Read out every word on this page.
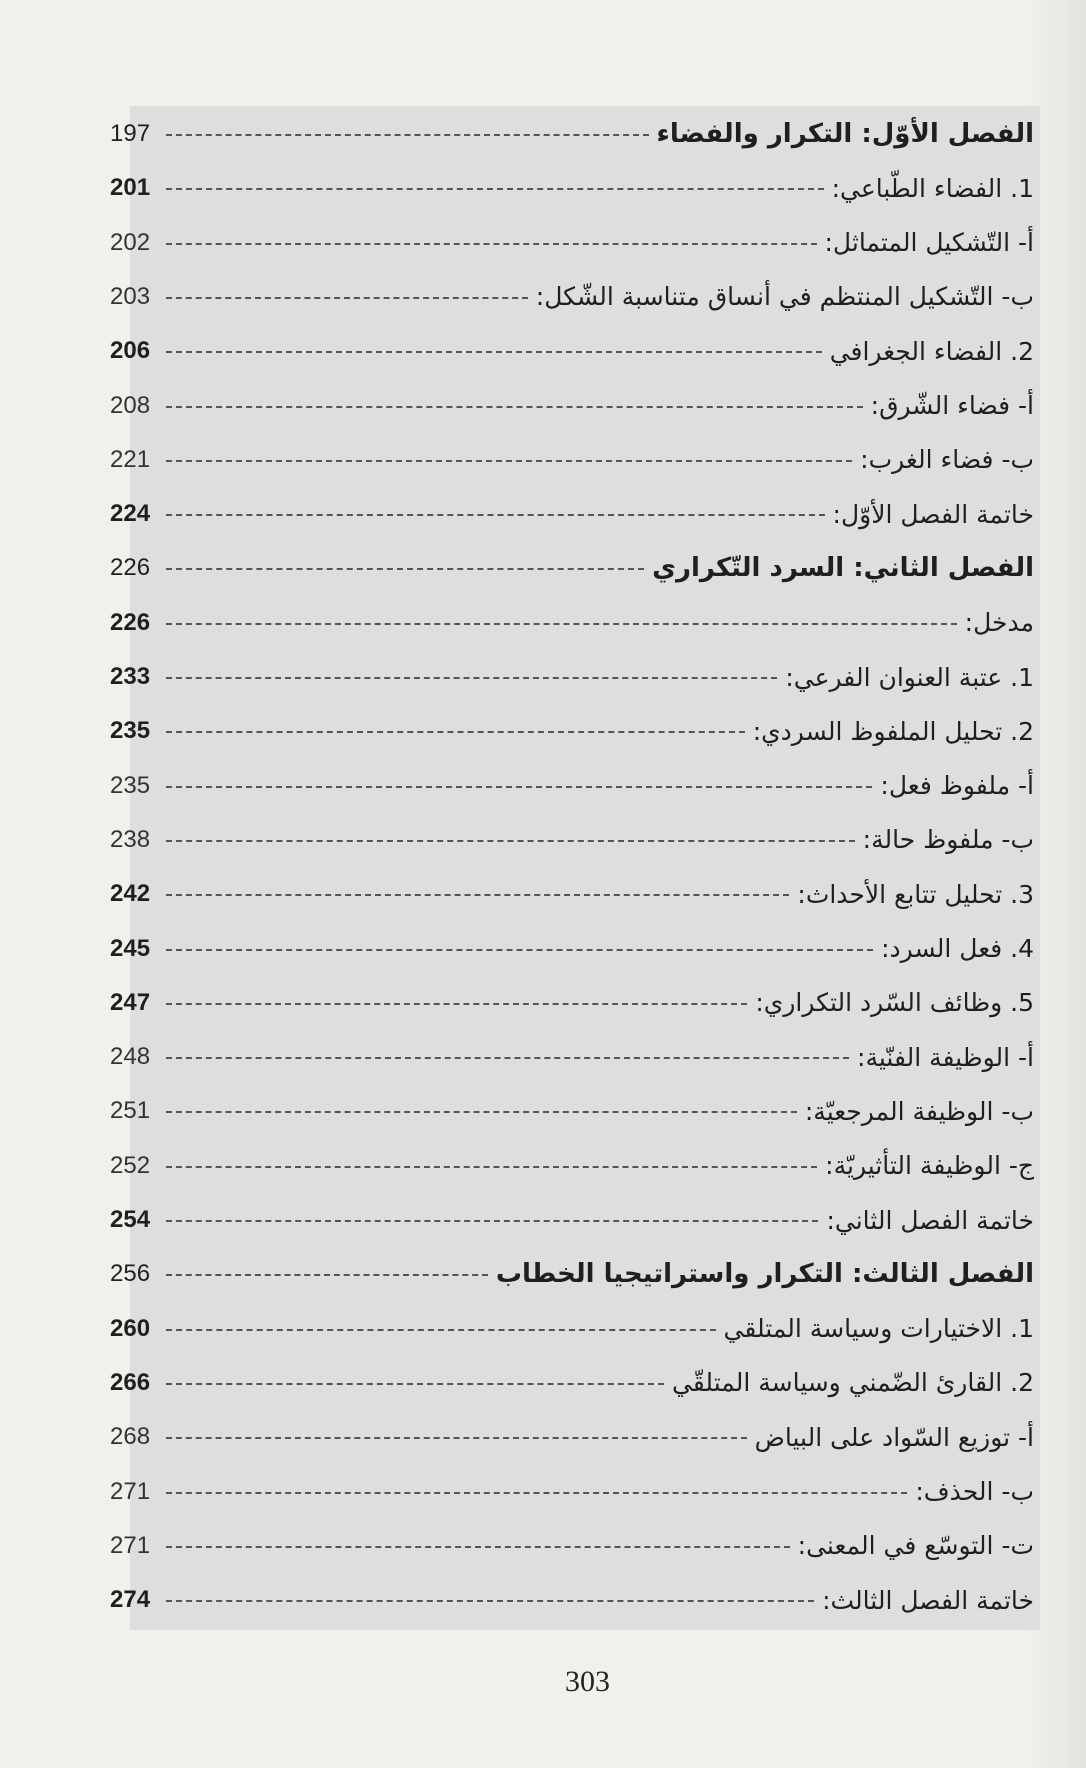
الفصل الأوّل: التكرار والفضاء
197
1. الفضاء الطّباعي:
201
أ- التّشكيل المتماثل:
202
ب- التّشكيل المنتظم في أنساق متناسبة الشّكل:
203
2. الفضاء الجغرافي
206
أ- فضاء الشّرق:
208
ب- فضاء الغرب:
221
خاتمة الفصل الأوّل:
224
الفصل الثاني: السرد التّكراري
226
مدخل:
226
1. عتبة العنوان الفرعي:
233
2. تحليل الملفوظ السردي:
235
أ- ملفوظ فعل:
235
ب- ملفوظ حالة:
238
3. تحليل تتابع الأحداث:
242
4. فعل السرد:
245
5. وظائف السّرد التكراري:
247
أ- الوظيفة الفنّية:
248
ب- الوظيفة المرجعيّة:
251
ج- الوظيفة التأثيريّة:
252
خاتمة الفصل الثاني:
254
الفصل الثالث: التكرار واستراتيجيا الخطاب
256
1. الاختيارات وسياسة المتلقي
260
2. القارئ الضّمني وسياسة المتلقّي
266
أ- توزيع السّواد على البياض
268
ب- الحذف:
271
ت- التوسّع في المعنى:
271
خاتمة الفصل الثالث:
274
303
